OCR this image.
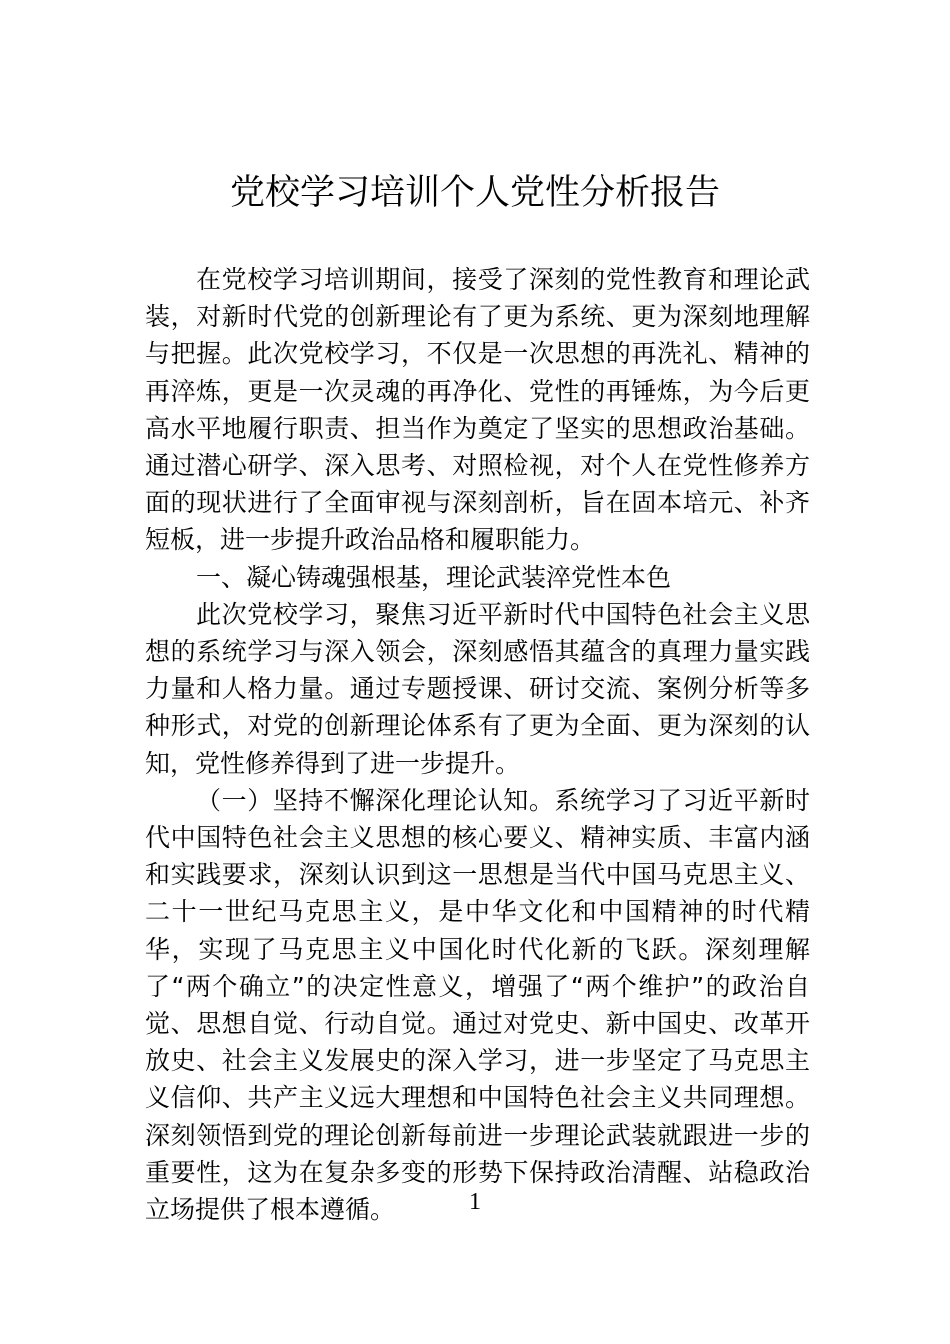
党校学习培训个人党性分析报告

在党校学习培训期间，接受了深刻的党性教育和理论武装，对新时代党的创新理论有了更为系统、更为深刻地理解与把握。此次党校学习，不仅是一次思想的再洗礼、精神的再淬炼，更是一次灵魂的再净化、党性的再锤炼，为今后更高水平地履行职责、担当作为奠定了坚实的思想政治基础。通过潜心研学、深入思考、对照检视，对个人在党性修养方面的现状进行了全面审视与深刻剖析，旨在固本培元、补齐短板，进一步提升政治品格和履职能力。

一、凝心铸魂强根基，理论武装淬党性本色

此次党校学习，聚焦习近平新时代中国特色社会主义思想的系统学习与深入领会，深刻感悟其蕴含的真理力量实践力量和人格力量。通过专题授课、研讨交流、案例分析等多种形式，对党的创新理论体系有了更为全面、更为深刻的认知，党性修养得到了进一步提升。

（一）坚持不懈深化理论认知。系统学习了习近平新时代中国特色社会主义思想的核心要义、精神实质、丰富内涵和实践要求，深刻认识到这一思想是当代中国马克思主义、二十一世纪马克思主义，是中华文化和中国精神的时代精华，实现了马克思主义中国化时代化新的飞跃。深刻理解了“两个确立”的决定性意义，增强了“两个维护”的政治自觉、思想自觉、行动自觉。通过对党史、新中国史、改革开放史、社会主义发展史的深入学习，进一步坚定了马克思主义信仰、共产主义远大理想和中国特色社会主义共同理想。深刻领悟到党的理论创新每前进一步理论武装就跟进一步的重要性，这为在复杂多变的形势下保持政治清醒、站稳政治立场提供了根本遵循。	1
